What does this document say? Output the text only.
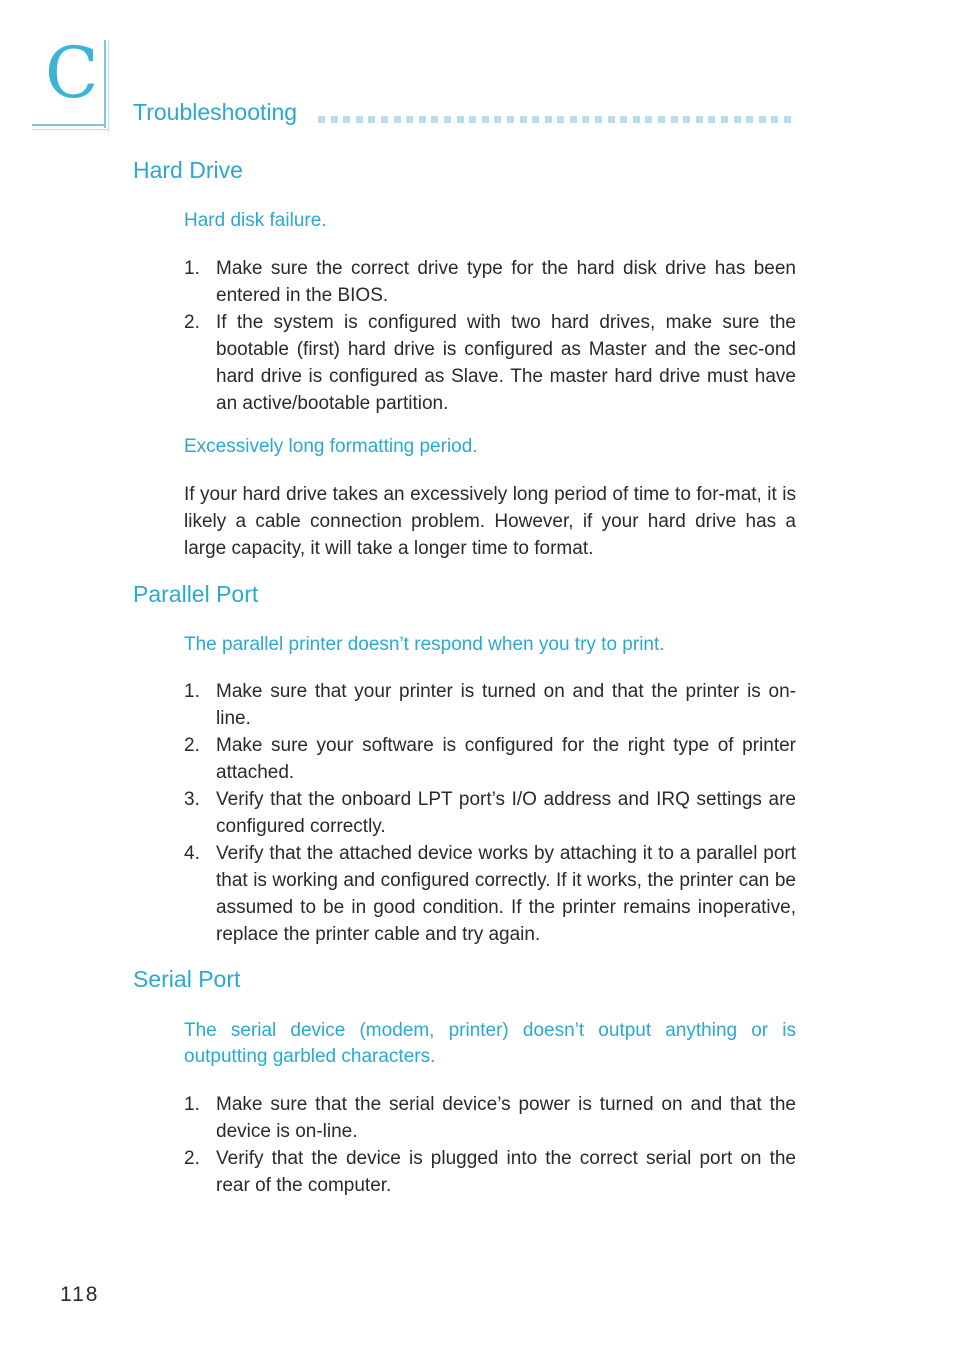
C Troubleshooting
Hard Drive
Hard disk failure.
1. Make sure the correct drive type for the hard disk drive has been entered in the BIOS.
2. If the system is configured with two hard drives, make sure the bootable (first) hard drive is configured as Master and the sec-ond hard drive is configured as Slave. The master hard drive must have an active/bootable partition.
Excessively long formatting period.
If your hard drive takes an excessively long period of time to for-mat, it is likely a cable connection problem. However, if your hard drive has a large capacity, it will take a longer time to format.
Parallel Port
The parallel printer doesn’t respond when you try to print.
1. Make sure that your printer is turned on and that the printer is on-line.
2. Make sure your software is configured for the right type of printer attached.
3. Verify that the onboard LPT port’s I/O address and IRQ settings are configured correctly.
4. Verify that the attached device works by attaching it to a parallel port that is working and configured correctly. If it works, the printer can be assumed to be in good condition. If the printer remains inoperative, replace the printer cable and try again.
Serial Port
The serial device (modem, printer) doesn’t output anything or is outputting garbled characters.
1. Make sure that the serial device’s power is turned on and that the device is on-line.
2. Verify that the device is plugged into the correct serial port on the rear of the computer.
118
